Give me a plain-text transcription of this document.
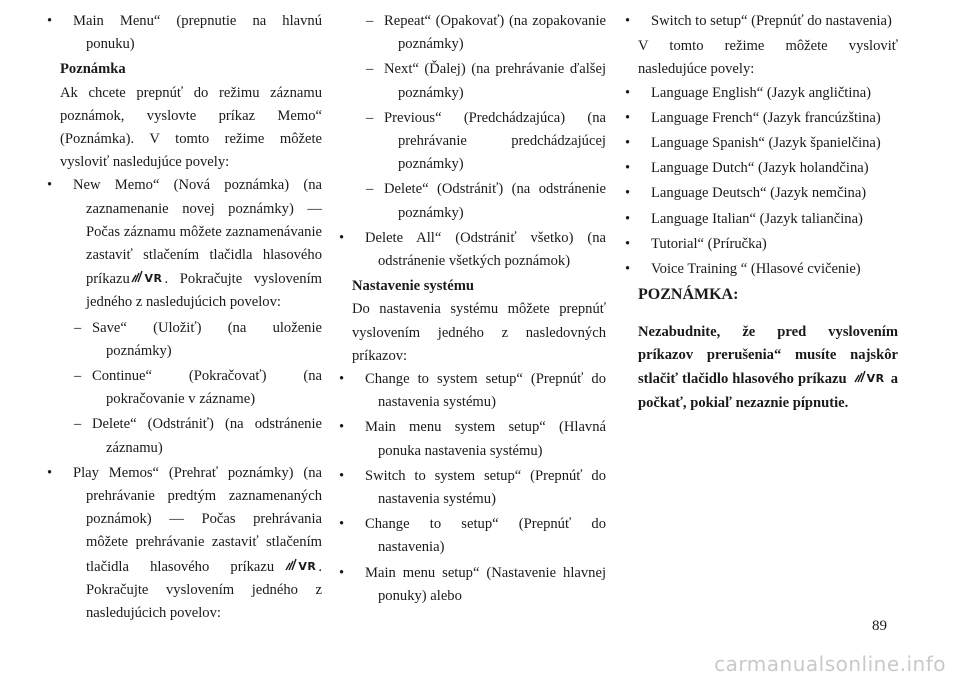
• Main Menu“ (prepnutie na hlavnú ponuku)

Poznámka

Ak chcete prepnúť do režimu záznamu poznámok, vyslovte príkaz Memo“ (Poznámka). V tomto režime môžete vysloviť nasledujúce povely:

• New Memo“ (Nová poznámka) (na zaznamenanie novej poznámky) — Počas záznamu môžete zaznamenávanie zastaviť stlačením tlačidla hlasového príkazu VR . Pokračujte vyslovením jedného z nasledujúcich povelov:

– Save“ (Uložiť) (na uloženie poznámky)

– Continue“ (Pokračovať) (na pokračovanie v zázname)

– Delete“ (Odstrániť) (na odstránenie záznamu)

• Play Memos“ (Prehrať poznámky) (na prehrávanie predtým zaznamenaných poznámok) — Počas prehrávania môžete prehrávanie zastaviť stlačením tlačidla hlasového príkazu VR . Pokračujte vyslovením jedného z nasledujúcich povelov:

– Repeat“ (Opakovať) (na zopakovanie poznámky)

– Next“ (Ďalej) (na prehrávanie ďalšej poznámky)

– Previous“ (Predchádzajúca) (na prehrávanie predchádzajúcej poznámky)

– Delete“ (Odstrániť) (na odstránenie poznámky)

• Delete All“ (Odstrániť všetko) (na odstránenie všetkých poznámok)

Nastavenie systému

Do nastavenia systému môžete prepnúť vyslovením jedného z nasledovných príkazov:

• Change to system setup“ (Prepnúť do nastavenia systému)

• Main menu system setup“ (Hlavná ponuka nastavenia systému)

• Switch to system setup“ (Prepnúť do nastavenia systému)

• Change to setup“ (Prepnúť do nastavenia)

• Main menu setup“ (Nastavenie hlavnej ponuky) alebo

• Switch to setup“ (Prepnúť do nastavenia)

V tomto režime môžete vysloviť nasledujúce povely:

• Language English“ (Jazyk angličtina)

• Language French“ (Jazyk francúzština)

• Language Spanish“ (Jazyk španielčina)

• Language Dutch“ (Jazyk holandčina)

• Language Deutsch“ (Jazyk nemčina)

• Language Italian“ (Jazyk taliančina)

• Tutorial“ (Príručka)

• Voice Training “ (Hlasové cvičenie)

POZNÁMKA:

Nezabudnite, že pred vyslovením príkazov prerušenia“ musíte najskôr stlačiť tlačidlo hlasového príkazu VR a počkať, pokiaľ nezaznie pípnutie.

89
carmanualsonline.info
